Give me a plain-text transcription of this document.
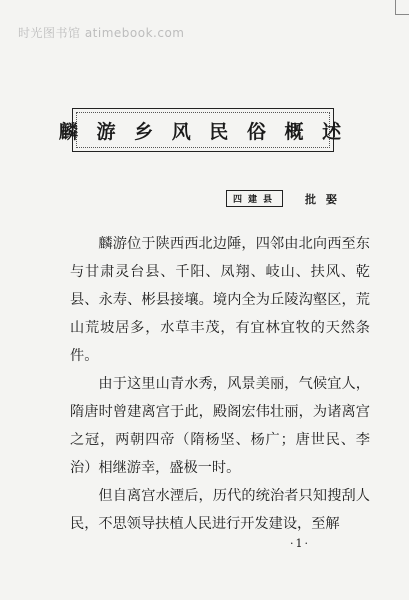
时光图书馆 atimebook.com
麟 游 乡 风 民 俗 概 述
四建县	批 娶

麟游位于陕西西北边陲，四邻由北向西至东与甘肃灵台县、千阳、凤翔、岐山、扶风、乾县、永寿、彬县接壤。境内全为丘陵沟壑区，荒山荒坡居多，水草丰茂，有宜林宜牧的天然条件。

由于这里山青水秀，风景美丽，气候宜人，隋唐时曾建离宫于此，殿阁宏伟壮丽，为诸离宫之冠，两朝四帝（隋杨坚、杨广；唐世民、李治）相继游幸，盛极一时。

但自离宫水湮后，历代的统治者只知搜刮人民，不思领导扶植人民进行开发建设，至解

·1·
